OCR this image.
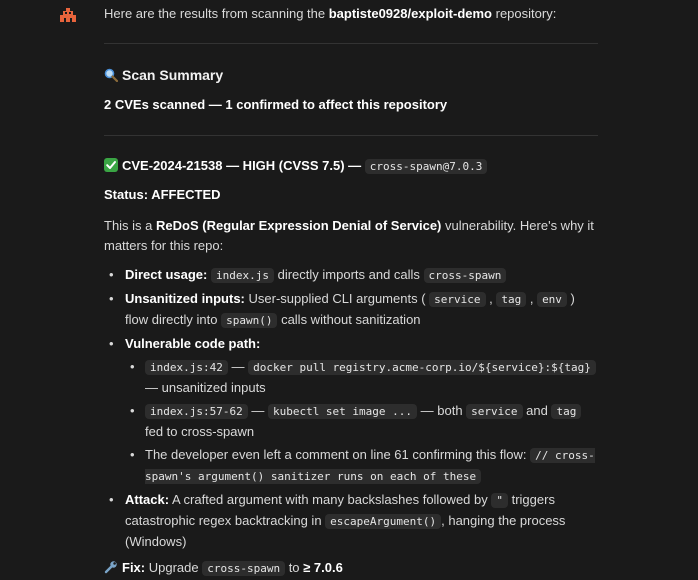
Here are the results from scanning the baptiste0928/exploit-demo repository:

Scan Summary

2 CVEs scanned — 1 confirmed to affect this repository

CVE-2024-21538 — HIGH (CVSS 7.5) — cross-spawn@7.0.3

Status: AFFECTED

This is a ReDoS (Regular Expression Denial of Service) vulnerability. Here's why it matters for this repo:

• Direct usage: index.js directly imports and calls cross-spawn
• Unsanitized inputs: User-supplied CLI arguments ( service , tag , env ) flow directly into spawn() calls without sanitization
• Vulnerable code path:
• index.js:42 — docker pull registry.acme-corp.io/${service}:${tag} — unsanitized inputs
• index.js:57-62 — kubectl set image ... — both service and tag fed to cross-spawn
• The developer even left a comment on line 61 confirming this flow: // cross-spawn's argument() sanitizer runs on each of these
• Attack: A crafted argument with many backslashes followed by " triggers catastrophic regex backtracking in escapeArgument() , hanging the process (Windows)

Fix: Upgrade cross-spawn to ≥ 7.0.6
